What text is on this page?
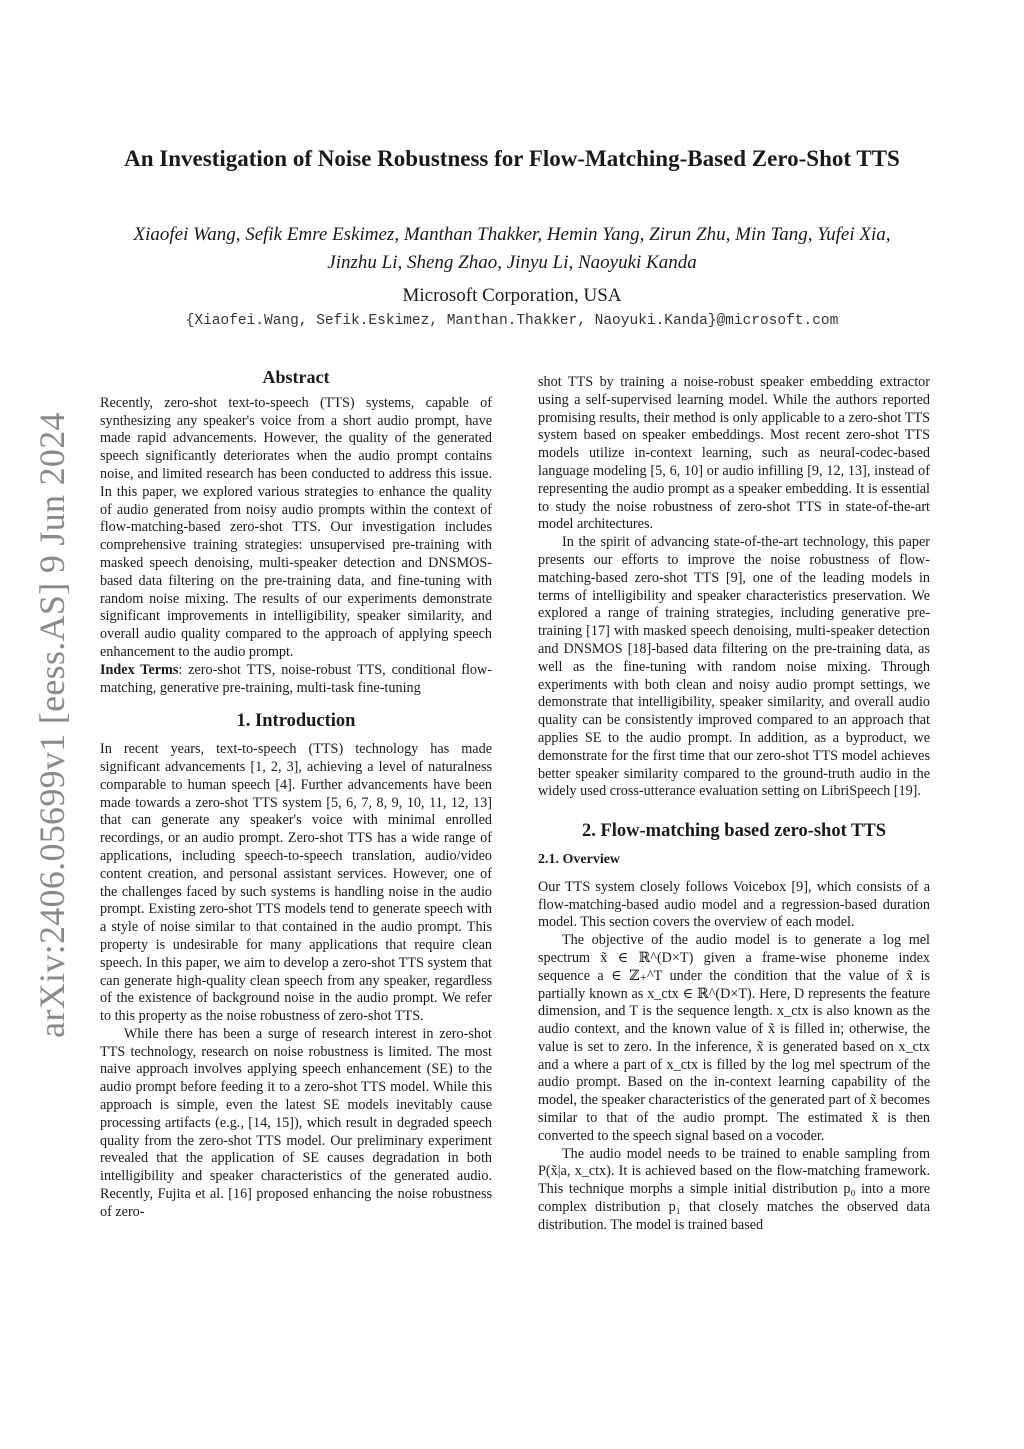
arXiv:2406.05699v1 [eess.AS] 9 Jun 2024
An Investigation of Noise Robustness for Flow-Matching-Based Zero-Shot TTS
Xiaofei Wang, Sefik Emre Eskimez, Manthan Thakker, Hemin Yang, Zirun Zhu, Min Tang, Yufei Xia,
Jinzhu Li, Sheng Zhao, Jinyu Li, Naoyuki Kanda
Microsoft Corporation, USA
{Xiaofei.Wang, Sefik.Eskimez, Manthan.Thakker, Naoyuki.Kanda}@microsoft.com
Abstract

Recently, zero-shot text-to-speech (TTS) systems, capable of synthesizing any speaker's voice from a short audio prompt, have made rapid advancements. However, the quality of the generated speech significantly deteriorates when the audio prompt contains noise, and limited research has been conducted to address this issue. In this paper, we explored various strategies to enhance the quality of audio generated from noisy audio prompts within the context of flow-matching-based zero-shot TTS. Our investigation includes comprehensive training strategies: unsupervised pre-training with masked speech denoising, multi-speaker detection and DNSMOS-based data filtering on the pre-training data, and fine-tuning with random noise mixing. The results of our experiments demonstrate significant improvements in intelligibility, speaker similarity, and overall audio quality compared to the approach of applying speech enhancement to the audio prompt.

Index Terms: zero-shot TTS, noise-robust TTS, conditional flow-matching, generative pre-training, multi-task fine-tuning

1. Introduction

In recent years, text-to-speech (TTS) technology has made significant advancements [1, 2, 3], achieving a level of naturalness comparable to human speech [4]. Further advancements have been made towards a zero-shot TTS system [5, 6, 7, 8, 9, 10, 11, 12, 13] that can generate any speaker's voice with minimal enrolled recordings, or an audio prompt. Zero-shot TTS has a wide range of applications, including speech-to-speech translation, audio/video content creation, and personal assistant services. However, one of the challenges faced by such systems is handling noise in the audio prompt. Existing zero-shot TTS models tend to generate speech with a style of noise similar to that contained in the audio prompt. This property is undesirable for many applications that require clean speech. In this paper, we aim to develop a zero-shot TTS system that can generate high-quality clean speech from any speaker, regardless of the existence of background noise in the audio prompt. We refer to this property as the noise robustness of zero-shot TTS.

While there has been a surge of research interest in zero-shot TTS technology, research on noise robustness is limited. The most naive approach involves applying speech enhancement (SE) to the audio prompt before feeding it to a zero-shot TTS model. While this approach is simple, even the latest SE models inevitably cause processing artifacts (e.g., [14, 15]), which result in degraded speech quality from the zero-shot TTS model. Our preliminary experiment revealed that the application of SE causes degradation in both intelligibility and speaker characteristics of the generated audio. Recently, Fujita et al. [16] proposed enhancing the noise robustness of zero-

shot TTS by training a noise-robust speaker embedding extractor using a self-supervised learning model. While the authors reported promising results, their method is only applicable to a zero-shot TTS system based on speaker embeddings. Most recent zero-shot TTS models utilize in-context learning, such as neural-codec-based language modeling [5, 6, 10] or audio infilling [9, 12, 13], instead of representing the audio prompt as a speaker embedding. It is essential to study the noise robustness of zero-shot TTS in state-of-the-art model architectures.

In the spirit of advancing state-of-the-art technology, this paper presents our efforts to improve the noise robustness of flow-matching-based zero-shot TTS [9], one of the leading models in terms of intelligibility and speaker characteristics preservation. We explored a range of training strategies, including generative pre-training [17] with masked speech denoising, multi-speaker detection and DNSMOS [18]-based data filtering on the pre-training data, as well as the fine-tuning with random noise mixing. Through experiments with both clean and noisy audio prompt settings, we demonstrate that intelligibility, speaker similarity, and overall audio quality can be consistently improved compared to an approach that applies SE to the audio prompt. In addition, as a byproduct, we demonstrate for the first time that our zero-shot TTS model achieves better speaker similarity compared to the ground-truth audio in the widely used cross-utterance evaluation setting on LibriSpeech [19].

2. Flow-matching based zero-shot TTS
2.1. Overview

Our TTS system closely follows Voicebox [9], which consists of a flow-matching-based audio model and a regression-based duration model. This section covers the overview of each model.

The objective of the audio model is to generate a log mel spectrum x̃ ∈ ℝ^(D×T) given a frame-wise phoneme index sequence a ∈ ℤ₊^T under the condition that the value of x̃ is partially known as x_ctx ∈ ℝ^(D×T). Here, D represents the feature dimension, and T is the sequence length. x_ctx is also known as the audio context, and the known value of x̃ is filled in; otherwise, the value is set to zero. In the inference, x̃ is generated based on x_ctx and a where a part of x_ctx is filled by the log mel spectrum of the audio prompt. Based on the in-context learning capability of the model, the speaker characteristics of the generated part of x̃ becomes similar to that of the audio prompt. The estimated x̃ is then converted to the speech signal based on a vocoder.

The audio model needs to be trained to enable sampling from P(x̃|a, x_ctx). It is achieved based on the flow-matching framework. This technique morphs a simple initial distribution p₀ into a more complex distribution p₁ that closely matches the observed data distribution. The model is trained based
